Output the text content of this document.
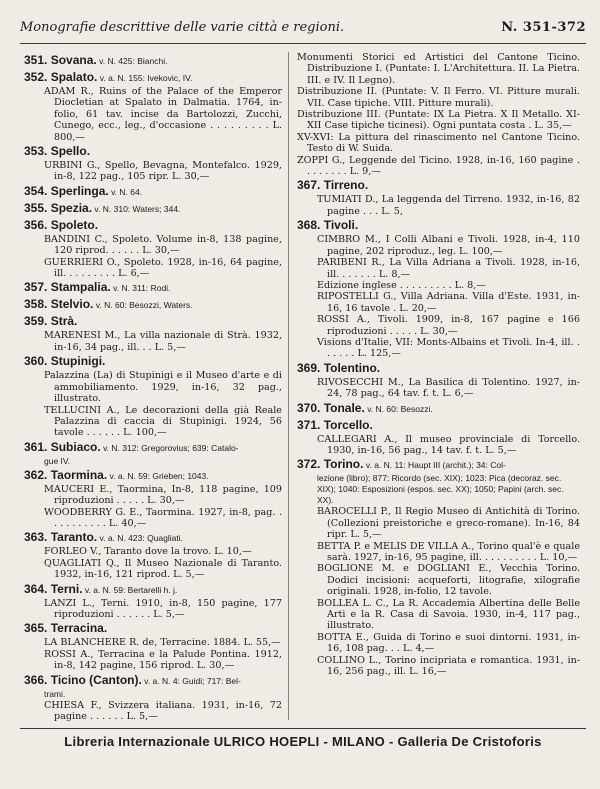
Monografie descrittive delle varie città e regioni.	N. 351-372
351. Sovana. v. N. 425: Bianchi.
352. Spalato. v. a. N. 155: Ivekovic, IV.
ADAM R., Ruins of the Palace of the Emperor Diocletian at Spalato in Dalmatia. 1764, in-folio, 61 tav. incise da Bartolozzi, Zucchi, Cunego, ecc., leg., d'occasione . . . . . . . . . L. 800,—
353. Spello.
URBINI G., Spello, Bevagna, Montefalco. 1929, in-8, 122 pag., 105 ripr. L. 30,—
354. Sperlinga. v. N. 64.
355. Spezia. v. N. 310: Waters; 344.
356. Spoleto.
BANDINI C., Spoleto. Volume in-8, 138 pagine, 120 riprod. . . . . . L. 30,—
GUERRIERI O., Spoleto. 1928, in-16, 64 pagine, ill. . . . . . . . . L. 6,—
357. Stampalia. v. N. 311: Rodi.
358. Stelvio. v. N. 60: Besozzi, Waters.
359. Strà.
MARENESI M., La villa nazionale di Strà. 1932, in-16, 34 pag., ill. . . L. 5,—
360. Stupinigi.
Palazzina (La) di Stupinigi e il Museo d'arte e di ammobiliamento. 1929, in-16, 32 pag., illustrato.
TELLUCINI A., Le decorazioni della già Reale Palazzina di caccia di Stupinigi. 1924, 56 tavole . . . . . . L. 100,—
361. Subiaco. v. N. 312: Gregorovius; 639: Catalo-
gue IV.
362. Taormina. v. a. N. 59: Grieben; 1043.
MAUCERI E., Taormina, In-8, 118 pagine, 109 riproduzioni . . . . . L. 30,—
WOODBERRY G. E., Taormina. 1927, in-8, pag. . . . . . . . . . . L. 40,—
363. Taranto. v. a. N. 423: Quagliati.
FORLEO V., Taranto dove la trovo. L. 10,—
QUAGLIATI Q., Il Museo Nazionale di Taranto. 1932, in-16, 121 riprod. L. 5,—
364. Terni. v. a. N. 59: Bertarelli h. j.
LANZI L., Terni. 1910, in-8, 150 pagine, 177 riproduzioni . . . . . . L. 5,—
365. Terracina.
LA BLANCHERE R. de, Terracine. 1884. L. 55,—
ROSSI A., Terracina e la Palude Pontina. 1912, in-8, 142 pagine, 156 riprod. L. 30,—
366. Ticino (Canton). v. a. N. 4: Guidi; 717: Bel-
trami.
CHIESA F., Svizzera italiana. 1931, in-16, 72 pagine . . . . . . L. 5,—
Monumenti Storici ed Artistici del Cantone Ticino. Distribuzione I. (Puntate: I. L'Architettura. II. La Pietra. III. e IV. Il Legno).
Distribuzione II. (Puntate: V. Il Ferro. VI. Pitture murali. VII. Case tipiche. VIII. Pitture murali).
Distribuzione III. (Puntate: IX La Pietra. X Il Metallo. XI-XII Case tipiche ticinesi). Ogni puntata costa . L. 35,—
XV-XVI: La pittura del rinascimento nel Cantone Ticino. Testo di W. Suida.
ZOPPI G., Leggende del Ticino. 1928, in-16, 160 pagine . . . . . . . . L. 9,—
367. Tirreno.
TUMIATI D., La leggenda del Tirreno. 1932, in-16, 82 pagine . . . L. 5,
368. Tivoli.
CIMBRO M., I Colli Albani e Tivoli. 1928, in-4, 110 pagine, 202 riproduz., leg. L. 100,—
PARIBENI R., La Villa Adriana a Tivoli. 1928, in-16, ill. . . . . . . L. 8,—
Edizione inglese . . . . . . . . . L. 8,—
RIPOSTELLI G., Villa Adriana. Villa d'Este. 1931, in-16, 16 tavole . L. 20,—
ROSSI A., Tivoli. 1909, in-8, 167 pagine e 166 riproduzioni . . . . . L. 30,—
Visions d'Italie, VII: Monts-Albains et Tivoli. In-4, ill. . . . . . . L. 125,—
369. Tolentino.
RIVOSECCHI M., La Basilica di Tolentino. 1927, in-24, 78 pag., 64 tav. f. t. L. 6,—
370. Tonale. v. N. 60: Besozzi.
371. Torcello.
CALLEGARI A., Il museo provinciale di Torcello. 1930, in-16, 56 pag., 14 tav. f. t. L. 5,—
372. Torino. v. a. N. 11: Haupt III (archit.); 34: Col-
lezione (libro); 877: Ricordo (sec. XIX); 1023: Pica (decoraz. sec. XIX); 1040: Esposizioni (espos. sec. XX); 1050; Papini (arch. sec. XX).
BAROCELLI P., Il Regio Museo di Antichità di Torino. (Collezioni preistoriche e greco-romane). In-16, 84 ripr. L. 5,—
BETTA P. e MELIS DE VILLA A., Torino qual'è e quale sarà. 1927, in-16, 95 pagine, ill. . . . . . . . . . L. 10,—
BOGLIONE M. e DOGLIANI E., Vecchia Torino. Dodici incisioni: acqueforti, litografie, xilografie originali. 1928, in-folio, 12 tavole.
BOLLEA L. C., La R. Accademia Albertina delle Belle Arti e la R. Casa di Savoia. 1930, in-4, 117 pag., illustrato.
BOTTA E., Guida di Torino e suoi dintorni. 1931, in-16, 108 pag. . . L. 4,—
COLLINO L., Torino incipriata e romantica. 1931, in-16, 256 pag., ill. L. 16,—
Libreria Internazionale ULRICO HOEPLI - MILANO - Galleria De Cristoforis
